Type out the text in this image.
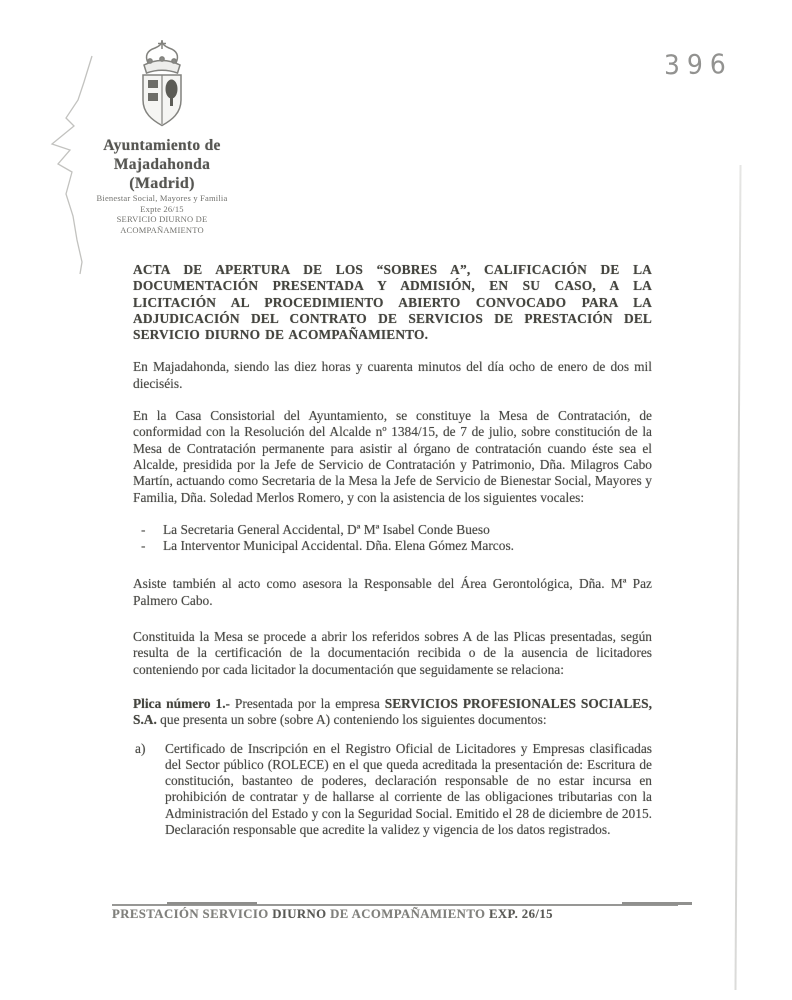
396
Ayuntamiento de
Majadahonda
(Madrid)
Bienestar Social, Mayores y Familia
Expte 26/15
SERVICIO DIURNO DE
ACOMPAÑAMIENTO

ACTA DE APERTURA DE LOS “SOBRES A”, CALIFICACIÓN DE LA DOCUMENTACIÓN PRESENTADA Y ADMISIÓN, EN SU CASO, A LA LICITACIÓN AL PROCEDIMIENTO ABIERTO CONVOCADO PARA LA ADJUDICACIÓN DEL CONTRATO DE SERVICIOS DE PRESTACIÓN DEL SERVICIO DIURNO DE ACOMPAÑAMIENTO.

En Majadahonda, siendo las diez horas y cuarenta minutos del día ocho de enero de dos mil dieciséis.

En la Casa Consistorial del Ayuntamiento, se constituye la Mesa de Contratación, de conformidad con la Resolución del Alcalde nº 1384/15, de 7 de julio, sobre constitución de la Mesa de Contratación permanente para asistir al órgano de contratación cuando éste sea el Alcalde, presidida por la Jefe de Servicio de Contratación y Patrimonio, Dña. Milagros Cabo Martín, actuando como Secretaria de la Mesa la Jefe de Servicio de Bienestar Social, Mayores y Familia, Dña. Soledad Merlos Romero, y con la asistencia de los siguientes vocales:

-	La Secretaria General Accidental, Dª Mª Isabel Conde Bueso
-	La Interventor Municipal Accidental. Dña. Elena Gómez Marcos.

Asiste también al acto como asesora la Responsable del Área Gerontológica, Dña. Mª Paz Palmero Cabo.

Constituida la Mesa se procede a abrir los referidos sobres A de las Plicas presentadas, según resulta de la certificación de la documentación recibida o de la ausencia de licitadores conteniendo por cada licitador la documentación que seguidamente se relaciona:

Plica número 1.- Presentada por la empresa SERVICIOS PROFESIONALES SOCIALES, S.A. que presenta un sobre (sobre A) conteniendo los siguientes documentos:

a)	Certificado de Inscripción en el Registro Oficial de Licitadores y Empresas clasificadas del Sector público (ROLECE) en el que queda acreditada la presentación de: Escritura de constitución, bastanteo de poderes, declaración responsable de no estar incursa en prohibición de contratar y de hallarse al corriente de las obligaciones tributarias con la Administración del Estado y con la Seguridad Social. Emitido el 28 de diciembre de 2015. Declaración responsable que acredite la validez y vigencia de los datos registrados.
PRESTACIÓN SERVICIO DIURNO DE ACOMPAÑAMIENTO EXP. 26/15
